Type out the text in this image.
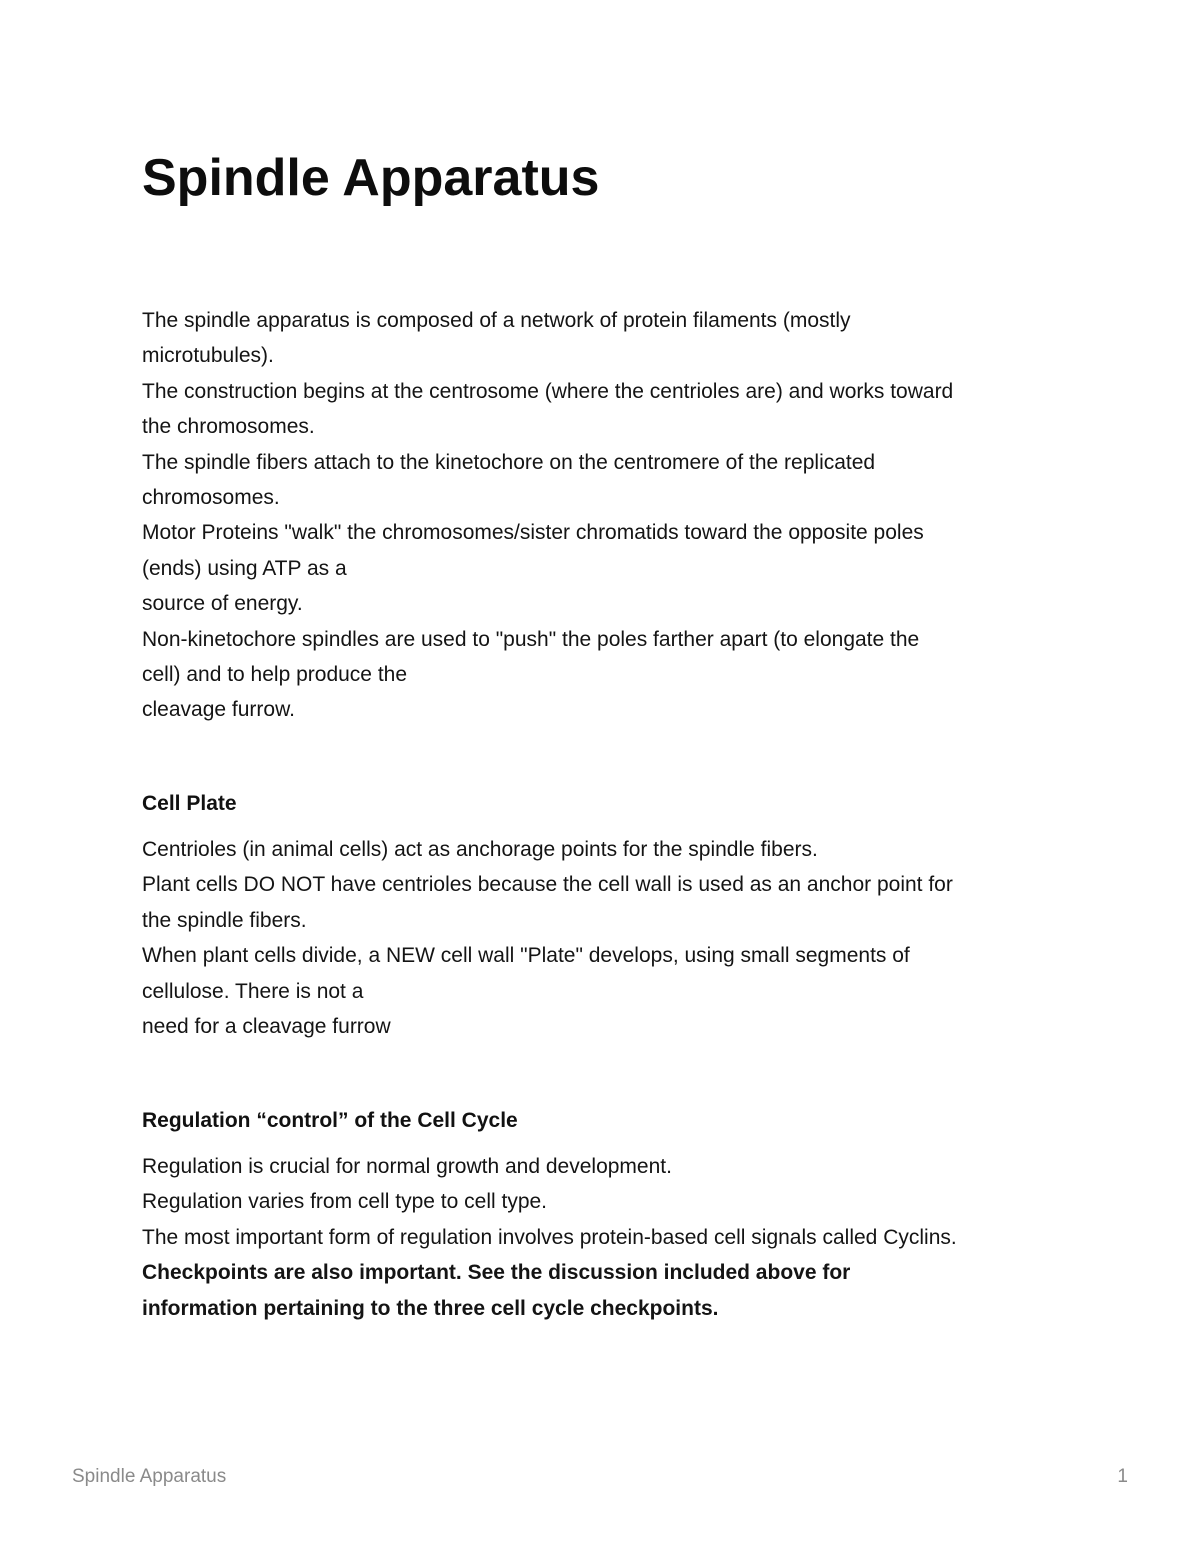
Spindle Apparatus
The spindle apparatus is composed of a network of protein filaments (mostly
microtubules).
The construction begins at the centrosome (where the centrioles are) and works toward
the chromosomes.
The spindle fibers attach to the kinetochore on the centromere of the replicated
chromosomes.
Motor Proteins "walk" the chromosomes/sister chromatids toward the opposite poles
(ends) using ATP as a
source of energy.
Non-kinetochore spindles are used to "push" the poles farther apart (to elongate the
cell) and to help produce the
cleavage furrow.
Cell Plate
Centrioles (in animal cells) act as anchorage points for the spindle fibers.
Plant cells DO NOT have centrioles because the cell wall is used as an anchor point for
the spindle fibers.
When plant cells divide, a NEW cell wall "Plate" develops, using small segments of
cellulose. There is not a
need for a cleavage furrow
Regulation “control” of the Cell Cycle
Regulation is crucial for normal growth and development.
Regulation varies from cell type to cell type.
The most important form of regulation involves protein-based cell signals called Cyclins.
Checkpoints are also important. See the discussion included above for
information pertaining to the three cell cycle checkpoints.
Spindle Apparatus	1
